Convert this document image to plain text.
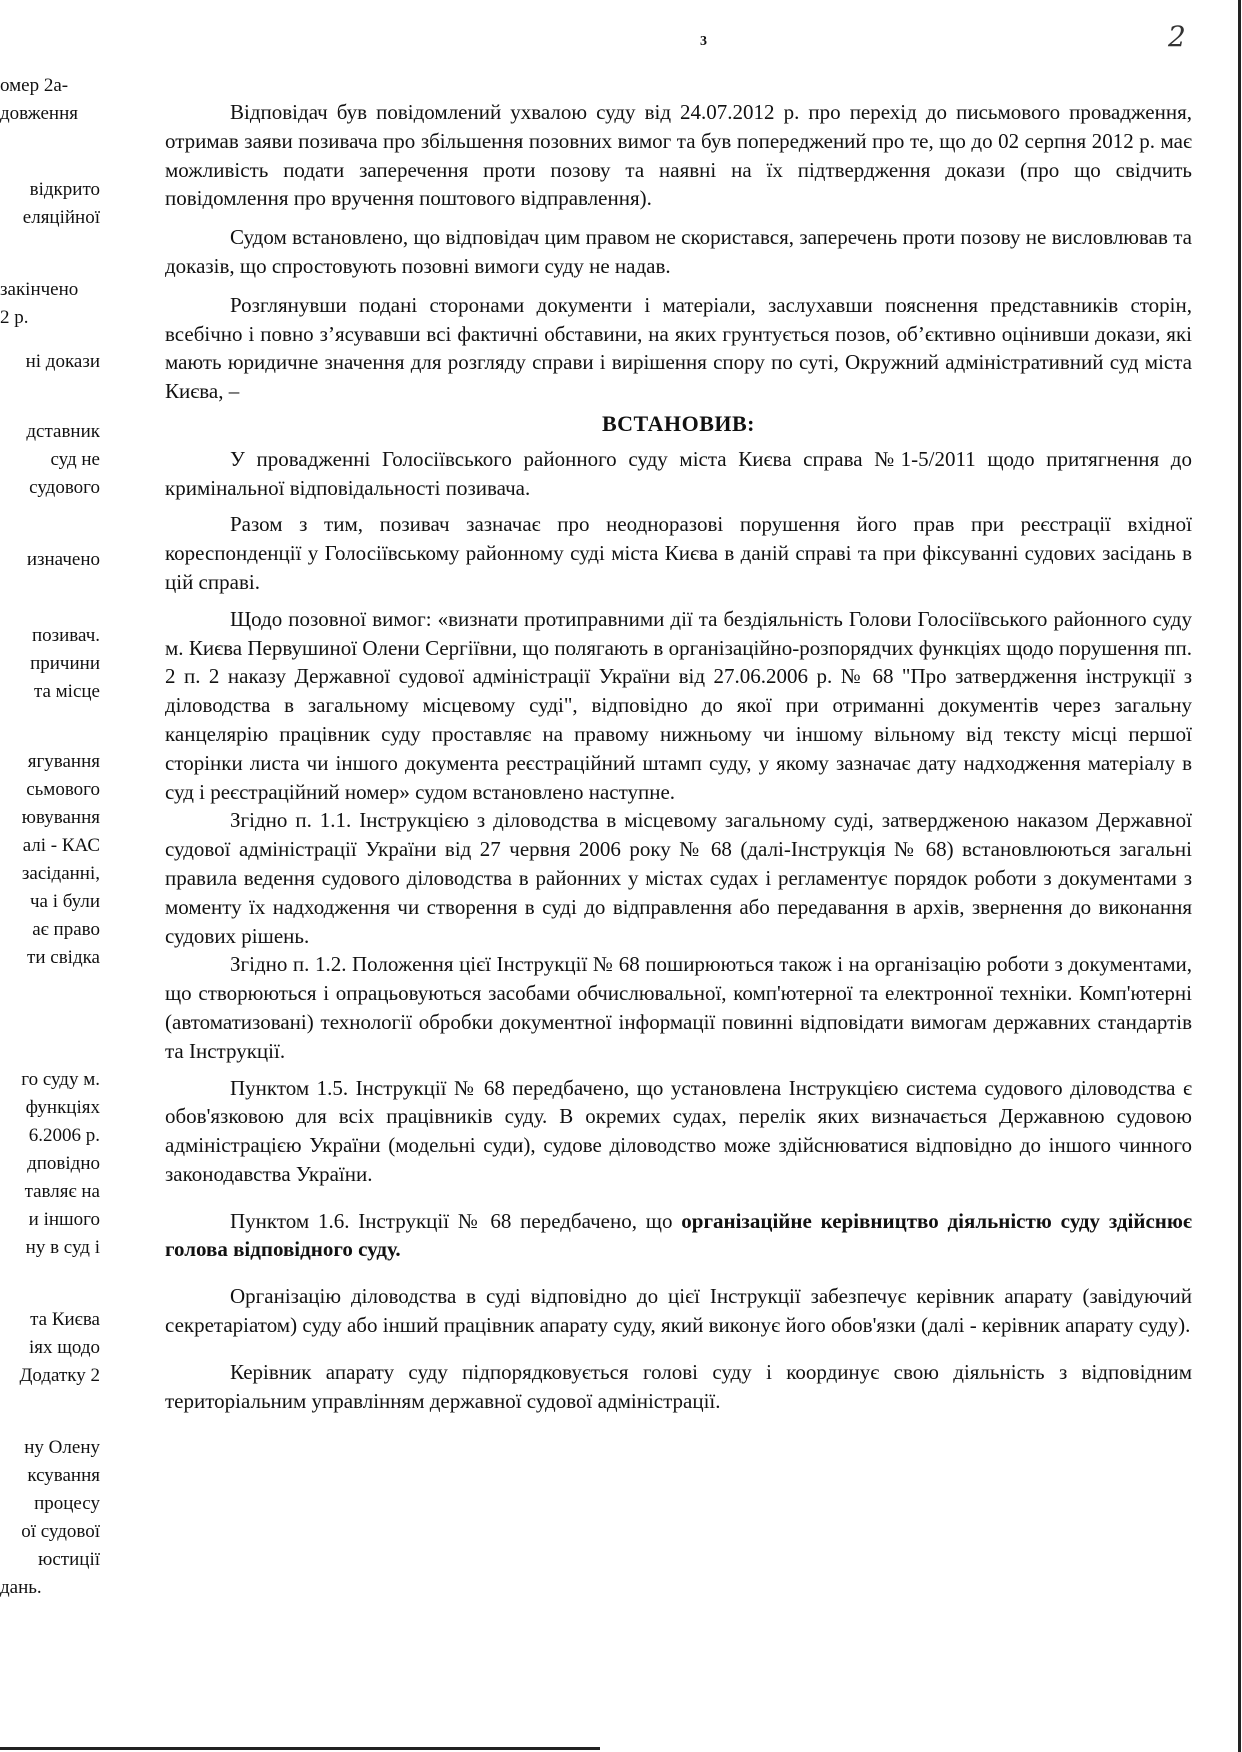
3	2
омер 2а-
довження
відкрито
еляційної
закінчено
2 р.
ні докази
дставник
суд не
судового
изначено
позивач.
причини
та місце
ягування
сьмового
ювування
алі - КАС
засіданні,
ча і були
ає право
ти свідка
го суду м.
функціях
6.2006 р.
дповідно
тавляє на
и іншого
ну в суд і
та Києва
іях щодо
Додатку 2
ну Олену
ксування
процесу
ої судової
юстиції
дань.

Відповідач був повідомлений ухвалою суду від 24.07.2012 р. про перехід до письмового провадження, отримав заяви позивача про збільшення позовних вимог та був попереджений про те, що до 02 серпня 2012 р. має можливість подати заперечення проти позову та наявні на їх підтвердження докази (про що свідчить повідомлення про вручення поштового відправлення).

Судом встановлено, що відповідач цим правом не скористався, заперечень проти позову не висловлював та доказів, що спростовують позовні вимоги суду не надав.

Розглянувши подані сторонами документи і матеріали, заслухавши пояснення представників сторін, всебічно і повно з’ясувавши всі фактичні обставини, на яких грунтується позов, об’єктивно оцінивши докази, які мають юридичне значення для розгляду справи і вирішення спору по суті, Окружний адміністративний суд міста Києва, –

ВСТАНОВИВ:

У провадженні Голосіївського районного суду міста Києва справа №1-5/2011 щодо притягнення до кримінальної відповідальності позивача.

Разом з тим, позивач зазначає про неодноразові порушення його прав при реєстрації вхідної кореспонденції у Голосіївському районному суді міста Києва в даній справі та при фіксуванні судових засідань в цій справі.

Щодо позовної вимог: «визнати протиправними дії та бездіяльність Голови Голосіївського районного суду м. Києва Первушиної Олени Сергіївни, що полягають в організаційно-розпорядчих функціях щодо порушення пп. 2 п. 2 наказу Державної судової адміністрації України від 27.06.2006 р. № 68 "Про затвердження інструкції з діловодства в загальному місцевому суді", відповідно до якої при отриманні документів через загальну канцелярію працівник суду проставляє на правому нижньому чи іншому вільному від тексту місці першої сторінки листа чи іншого документа реєстраційний штамп суду, у якому зазначає дату надходження матеріалу в суд і реєстраційний номер» судом встановлено наступне.

Згідно п. 1.1. Інструкцією з діловодства в місцевому загальному суді, затвердженою наказом Державної судової адміністрації України від 27 червня 2006 року № 68 (далі-Інструкція № 68) встановлюються загальні правила ведення судового діловодства в районних у містах судах і регламентує порядок роботи з документами з моменту їх надходження чи створення в суді до відправлення або передавання в архів, звернення до виконання судових рішень.

Згідно п. 1.2. Положення цієї Інструкції № 68 поширюються також і на організацію роботи з документами, що створюються і опрацьовуються засобами обчислювальної, комп'ютерної та електронної техніки. Комп'ютерні (автоматизовані) технології обробки документної інформації повинні відповідати вимогам державних стандартів та Інструкції.

Пунктом 1.5. Інструкції № 68 передбачено, що установлена Інструкцією система судового діловодства є обов'язковою для всіх працівників суду. В окремих судах, перелік яких визначається Державною судовою адміністрацією України (модельні суди), судове діловодство може здійснюватися відповідно до іншого чинного законодавства України.

Пунктом 1.6. Інструкції № 68 передбачено, що організаційне керівництво діяльністю суду здійснює голова відповідного суду.

Організацію діловодства в суді відповідно до цієї Інструкції забезпечує керівник апарату (завідуючий секретаріатом) суду або інший працівник апарату суду, який виконує його обов'язки (далі - керівник апарату суду).

Керівник апарату суду підпорядковується голові суду і координує свою діяльність з відповідним територіальним управлінням державної судової адміністрації.
